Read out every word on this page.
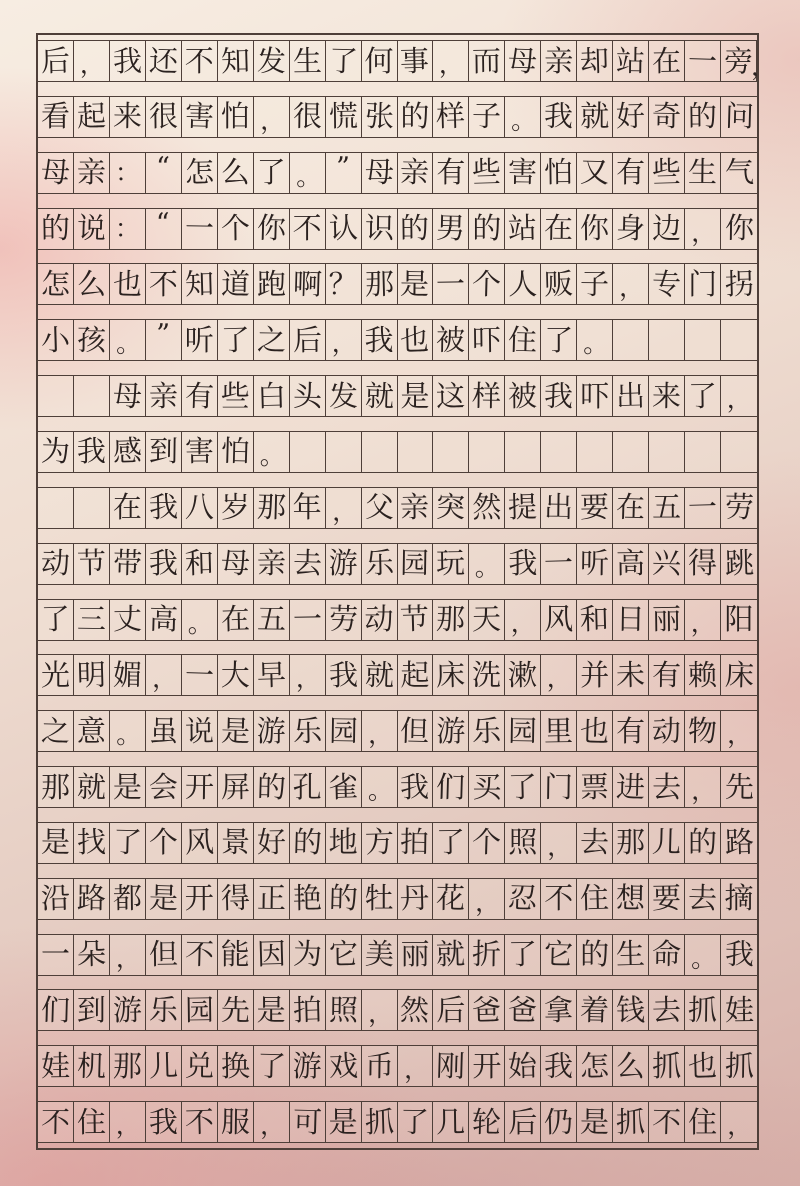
后 ， 我 还 不 知 发 生 了 何 事 ， 而 母 亲 却 站 在 一 旁
，
看 起 来 很 害 怕 ， 很 慌 张 的 样 子 。 我 就 好 奇 的 问
母 亲 ： “ 怎 么 了 。 ” 母 亲 有 些 害 怕 又 有 些 生 气
的 说 ： “ 一 个 你 不 认 识 的 男 的 站 在 你 身 边 ， 你
怎 么 也 不 知 道 跑 啊 ？ 那 是 一 个 人 贩 子 ， 专 门 拐
小 孩 。 ” 听 了 之 后 ， 我 也 被 吓 住 了 。
母 亲 有 些 白 头 发 就 是 这 样 被 我 吓 出 来 了 ，
为 我 感 到 害 怕 。
在 我 八 岁 那 年 ， 父 亲 突 然 提 出 要 在 五 一 劳
动 节 带 我 和 母 亲 去 游 乐 园 玩 。 我 一 听 高 兴 得 跳
了 三 丈 高 。 在 五 一 劳 动 节 那 天 ， 风 和 日 丽 ， 阳
光 明 媚 ， 一 大 早 ， 我 就 起 床 洗 漱 ， 并 未 有 赖 床
之 意 。 虽 说 是 游 乐 园 ， 但 游 乐 园 里 也 有 动 物 ，
那 就 是 会 开 屏 的 孔 雀 。 我 们 买 了 门 票 进 去 ， 先
是 找 了 个 风 景 好 的 地 方 拍 了 个 照 ， 去 那 儿 的 路
沿 路 都 是 开 得 正 艳 的 牡 丹 花 ， 忍 不 住 想 要 去 摘
一 朵 ， 但 不 能 因 为 它 美 丽 就 折 了 它 的 生 命 。 我
们 到 游 乐 园 先 是 拍 照 ， 然 后 爸 爸 拿 着 钱 去 抓 娃
娃 机 那 儿 兑 换 了 游 戏 币 ， 刚 开 始 我 怎 么 抓 也 抓
不 住 ， 我 不 服 ， 可 是 抓 了 几 轮 后 仍 是 抓 不 住 ，
